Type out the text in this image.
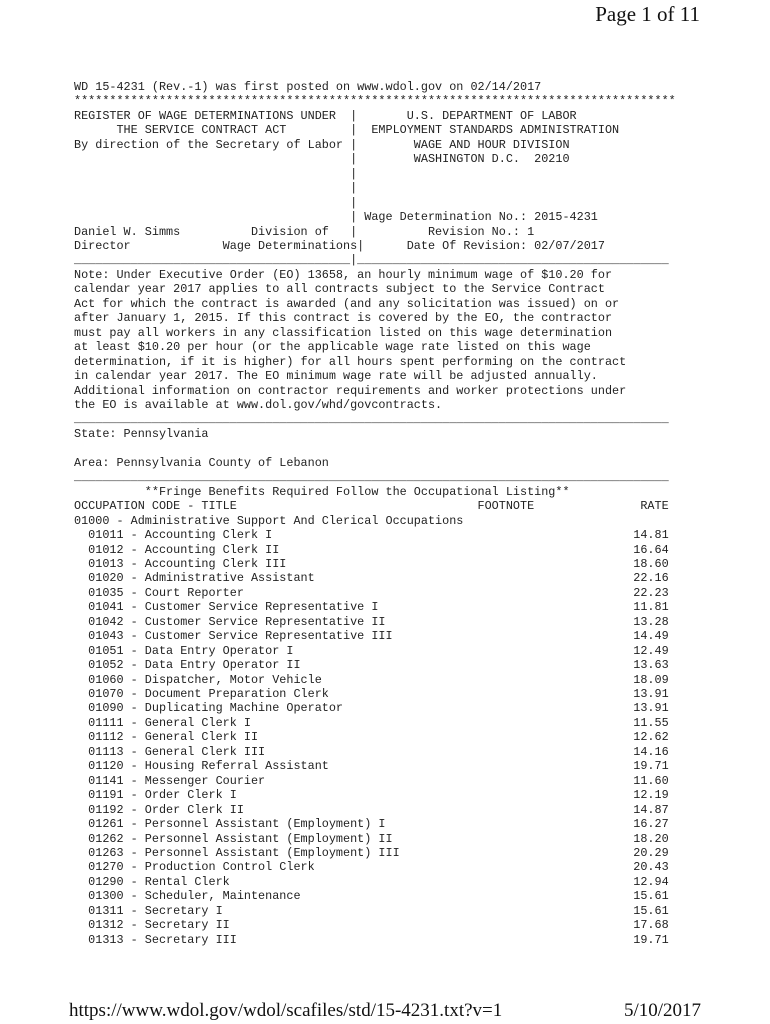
Page 1 of 11
WD 15-4231 (Rev.-1) was first posted on www.wdol.gov on 02/14/2017
*************************************************************************************
REGISTER OF WAGE DETERMINATIONS UNDER  |       U.S. DEPARTMENT OF LABOR
THE SERVICE CONTRACT ACT         |  EMPLOYMENT STANDARDS ADMINISTRATION
By direction of the Secretary of Labor |        WAGE AND HOUR DIVISION
|        WASHINGTON D.C.  20210
|
|
|
| Wage Determination No.: 2015-4231
Daniel W. Simms          Division of   |          Revision No.: 1
Director             Wage Determinations|      Date Of Revision: 02/07/2017
_______________________________________|____________________________________________
Note: Under Executive Order (EO) 13658, an hourly minimum wage of $10.20 for
calendar year 2017 applies to all contracts subject to the Service Contract
Act for which the contract is awarded (and any solicitation was issued) on or
after January 1, 2015. If this contract is covered by the EO, the contractor
must pay all workers in any classification listed on this wage determination
at least $10.20 per hour (or the applicable wage rate listed on this wage
determination, if it is higher) for all hours spent performing on the contract
in calendar year 2017. The EO minimum wage rate will be adjusted annually.
Additional information on contractor requirements and worker protections under
the EO is available at www.dol.gov/whd/govcontracts.
____________________________________________________________________________________
State: Pennsylvania

Area: Pennsylvania County of Lebanon
____________________________________________________________________________________
**Fringe Benefits Required Follow the Occupational Listing**
OCCUPATION CODE - TITLE                                  FOOTNOTE               RATE
01000 - Administrative Support And Clerical Occupations
01011 - Accounting Clerk I                                                   14.81
01012 - Accounting Clerk II                                                  16.64
01013 - Accounting Clerk III                                                 18.60
01020 - Administrative Assistant                                             22.16
01035 - Court Reporter                                                       22.23
01041 - Customer Service Representative I                                    11.81
01042 - Customer Service Representative II                                   13.28
01043 - Customer Service Representative III                                  14.49
01051 - Data Entry Operator I                                                12.49
01052 - Data Entry Operator II                                               13.63
01060 - Dispatcher, Motor Vehicle                                            18.09
01070 - Document Preparation Clerk                                           13.91
01090 - Duplicating Machine Operator                                         13.91
01111 - General Clerk I                                                      11.55
01112 - General Clerk II                                                     12.62
01113 - General Clerk III                                                    14.16
01120 - Housing Referral Assistant                                           19.71
01141 - Messenger Courier                                                    11.60
01191 - Order Clerk I                                                        12.19
01192 - Order Clerk II                                                       14.87
01261 - Personnel Assistant (Employment) I                                   16.27
01262 - Personnel Assistant (Employment) II                                  18.20
01263 - Personnel Assistant (Employment) III                                 20.29
01270 - Production Control Clerk                                             20.43
01290 - Rental Clerk                                                         12.94
01300 - Scheduler, Maintenance                                               15.61
01311 - Secretary I                                                          15.61
01312 - Secretary II                                                         17.68
01313 - Secretary III                                                        19.71

https://www.wdol.gov/wdol/scafiles/std/15-4231.txt?v=1	5/10/2017
